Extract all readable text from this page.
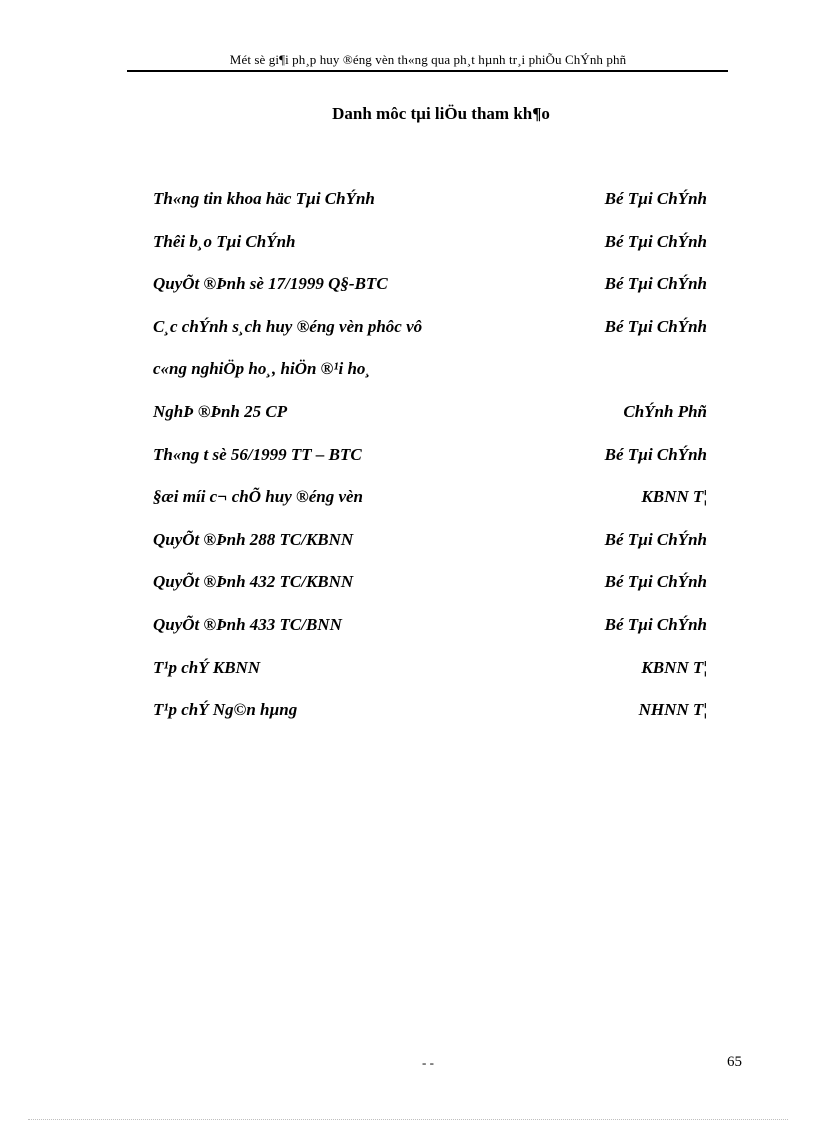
Mét sè gi¶i ph¸p huy ®éng vèn th«ng qua ph¸t hµnh tr¸i phiÕu ChÝnh phñ
Danh môc tµi liÖu tham kh¶o
Th«ng tin khoa häc Tµi ChÝnh	Bé Tµi ChÝnh
Thêi b¸o Tµi ChÝnh	Bé Tµi ChÝnh
QuyÕt ®Þnh sè 17/1999 Q§-BTC	Bé Tµi ChÝnh
C¸c chÝnh s¸ch huy ®éng vèn phôc vô	Bé Tµi ChÝnh
c«ng nghiÖp ho¸, hiÖn ®¹i ho¸
NghÞ ®Þnh 25 CP	ChÝnh Phñ
Th«ng t sè 56/1999 TT – BTC	Bé Tµi ChÝnh
§æi míi c¬ chÕ huy ®éng vèn	KBNN T¦
QuyÕt ®Þnh 288 TC/KBNN	Bé Tµi ChÝnh
QuyÕt ®Þnh 432 TC/KBNN	Bé Tµi ChÝnh
QuyÕt ®Þnh 433 TC/BNN	Bé Tµi ChÝnh
T¹p chÝ KBNN	KBNN T¦
T¹p chÝ Ng©n hµng	NHNN T¦
- -	65
